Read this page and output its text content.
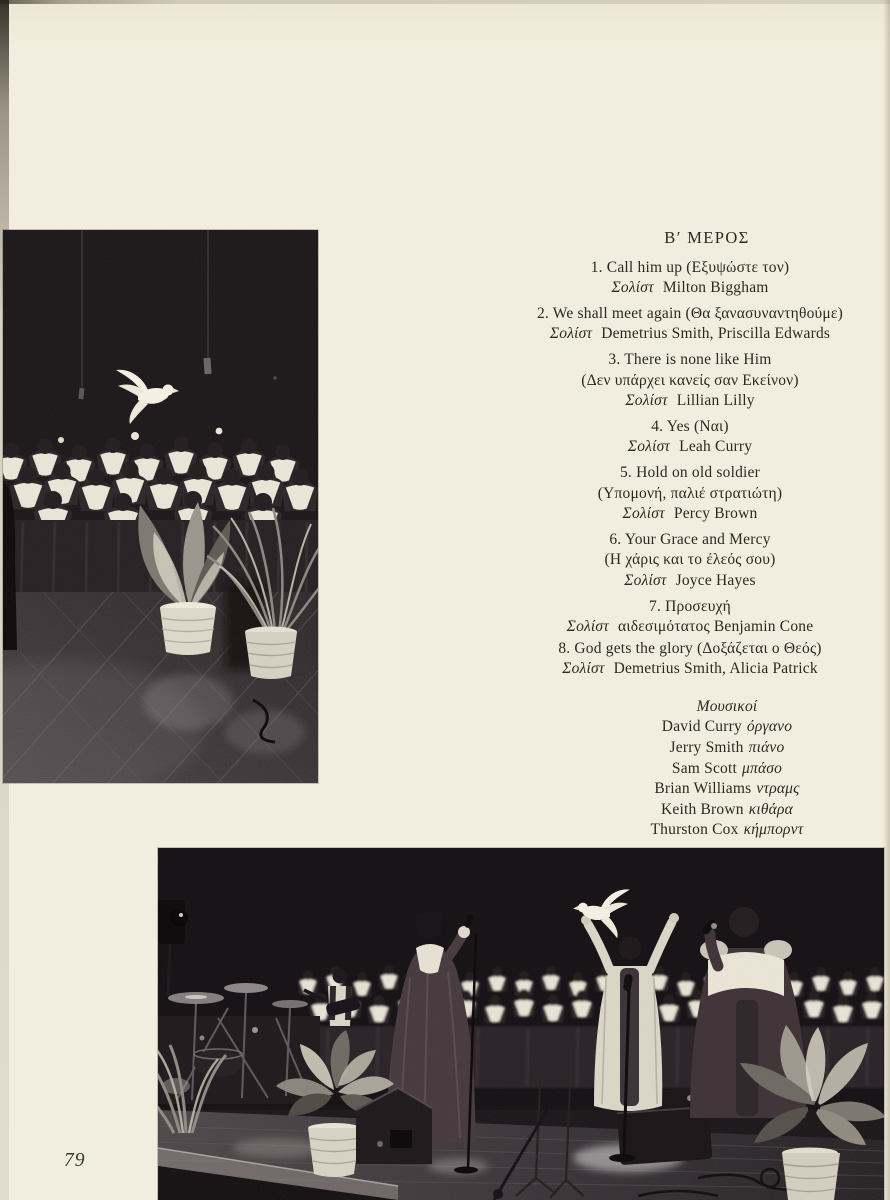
Β′ ΜΕΡΟΣ
1. Call him up (Εξυψώστε τον)
Σολίστ Milton Biggham
2. We shall meet again (Θα ξανασυναντηθούμε)
Σολίστ Demetrius Smith, Priscilla Edwards
3. There is none like Him
(Δεν υπάρχει κανείς σαν Εκείνον)
Σολίστ Lillian Lilly
4. Yes (Ναι)
Σολίστ Leah Curry
5. Hold on old soldier
(Υπομονή, παλιέ στρατιώτη)
Σολίστ Percy Brown
6. Your Grace and Mercy
(Η χάρις και το έλεός σου)
Σολίστ Joyce Hayes
7. Προσευχή
Σολίστ αιδεσιμότατος Benjamin Cone
8. God gets the glory (Δοξάζεται ο Θεός)
Σολίστ Demetrius Smith, Alicia Patrick
Μουσικοί
David Curry όργανο
Jerry Smith πιάνο
Sam Scott μπάσο
Brian Williams ντραμς
Keith Brown κιθάρα
Thurston Cox κήμπορντ
79
